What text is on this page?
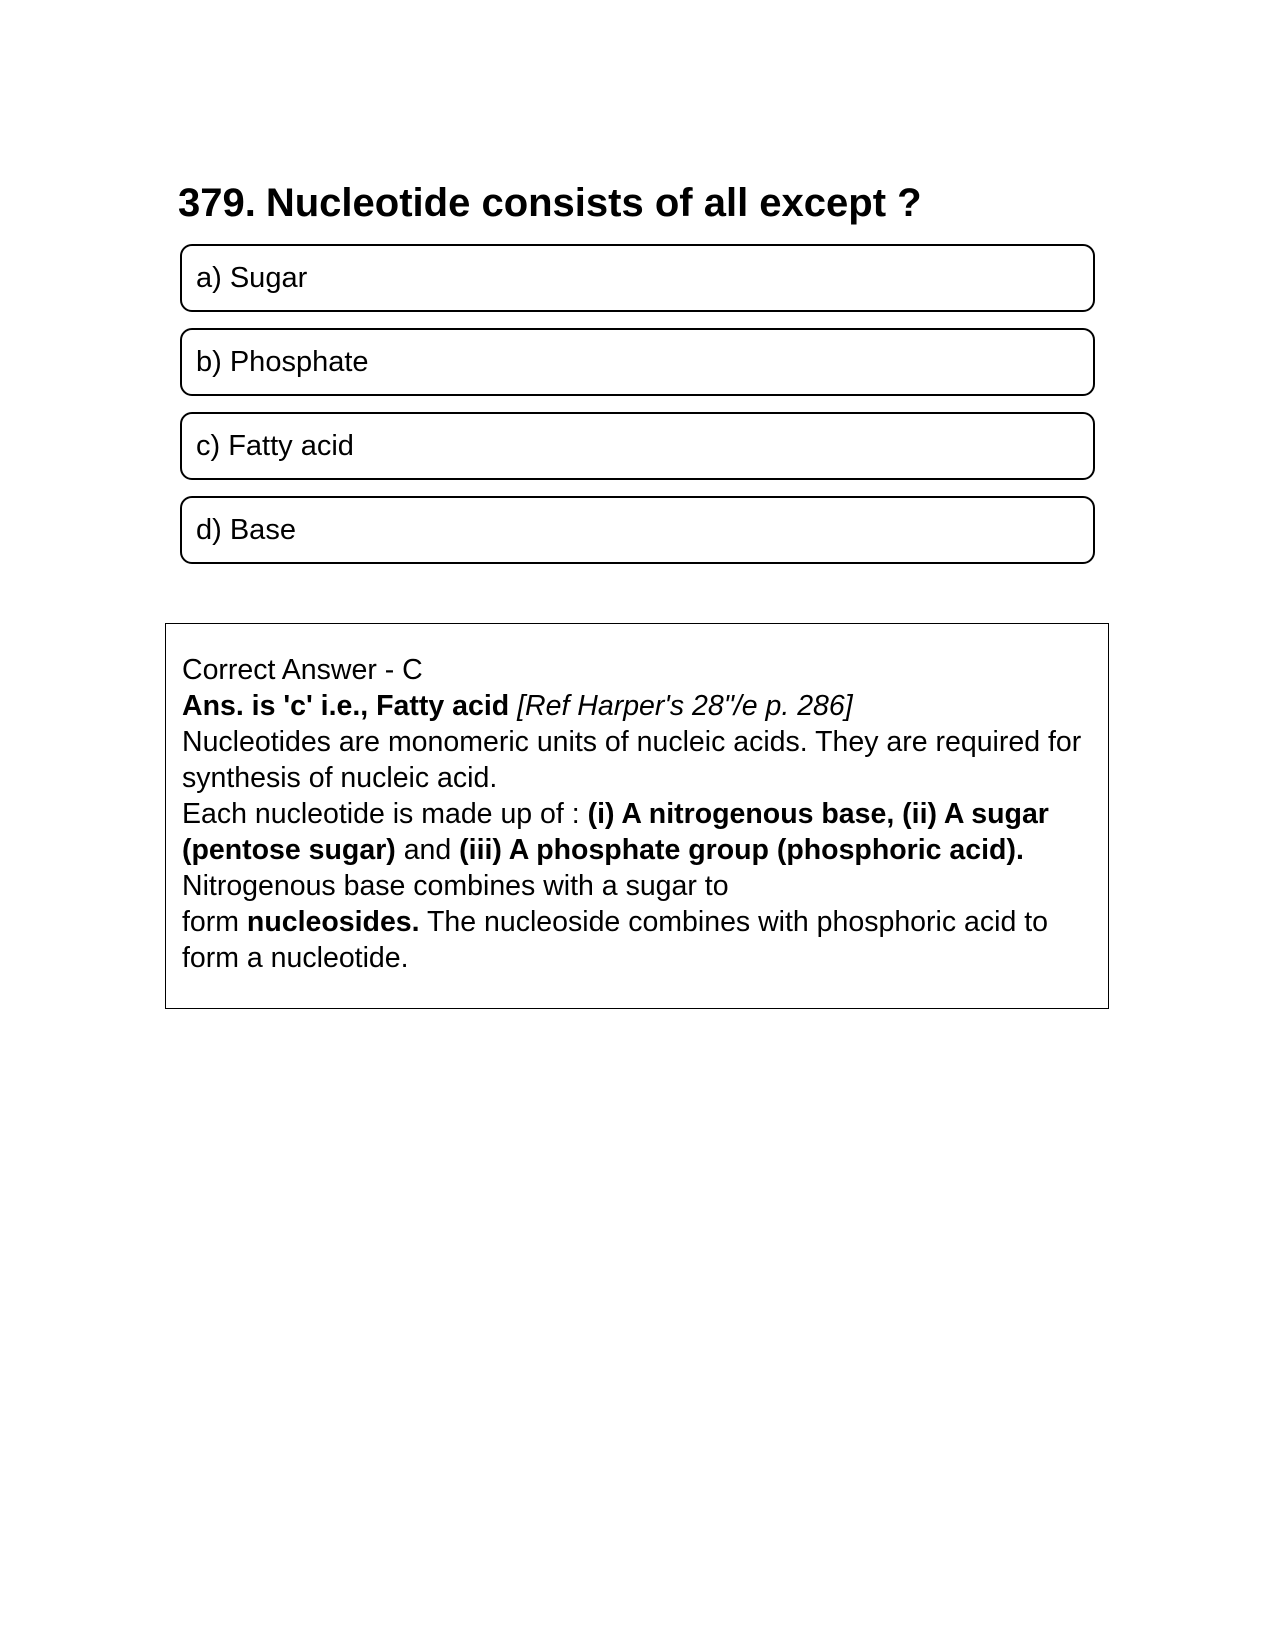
379. Nucleotide consists of all except ?
a) Sugar
b) Phosphate
c) Fatty acid
d) Base

Correct Answer - C

Ans. is 'c' i.e., Fatty acid [Ref Harper's 28"/e p. 286]

Nucleotides are monomeric units of nucleic acids. They are required for synthesis of nucleic acid.

Each nucleotide is made up of : (i) A nitrogenous base, (ii) A sugar (pentose sugar) and (iii) A phosphate group (phosphoric acid). Nitrogenous base combines with a sugar to

form nucleosides. The nucleoside combines with phosphoric acid to form a nucleotide.
